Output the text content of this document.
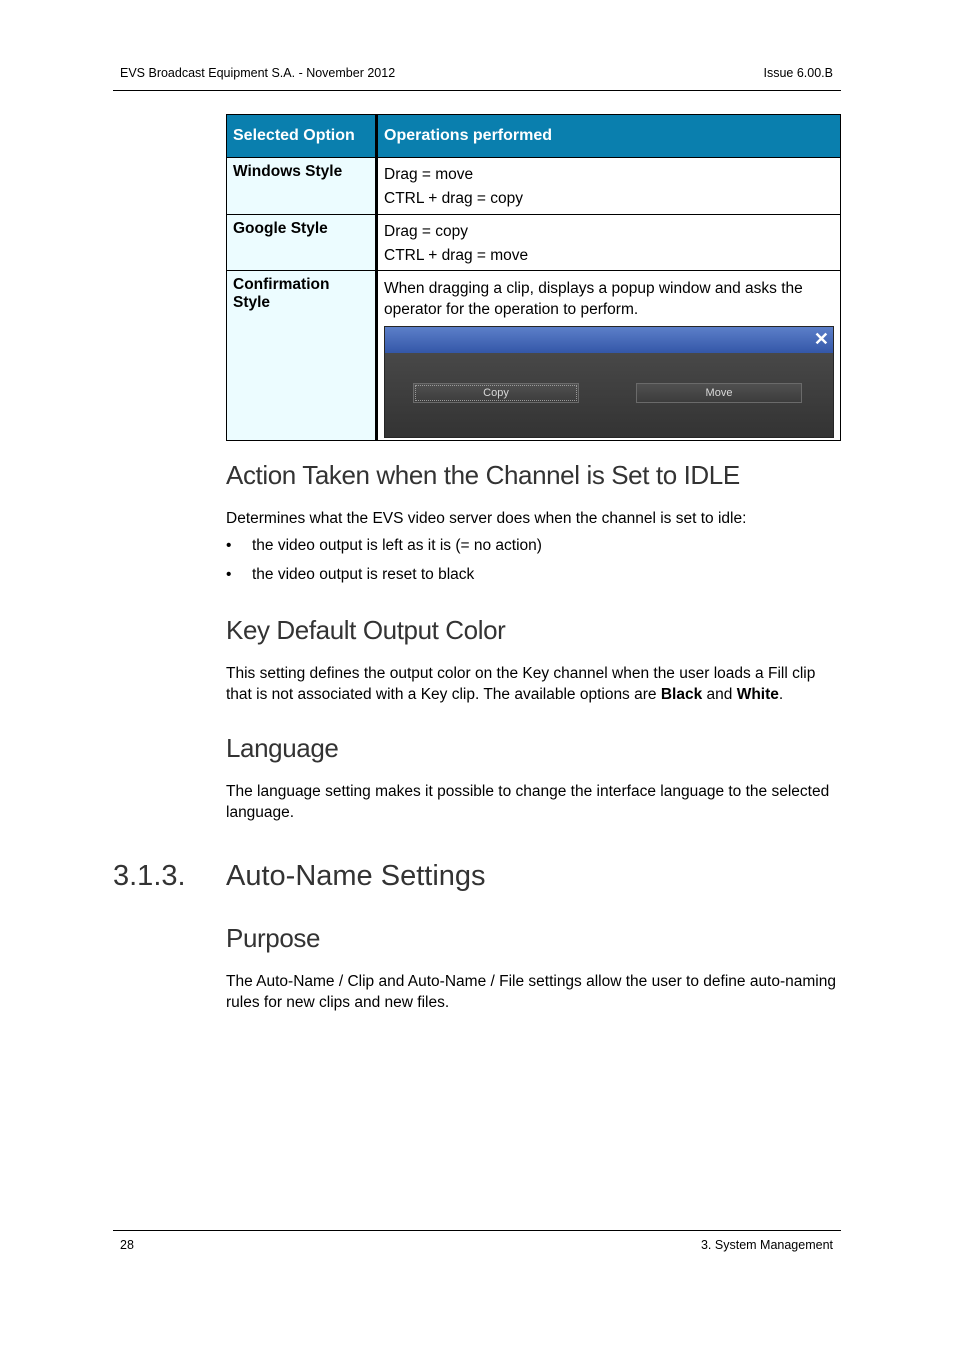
EVS Broadcast Equipment S.A. - November 2012	Issue 6.00.B
Selected Option	Operations performed
Windows Style	Drag = move
CTRL + drag = copy

Google Style	Drag = copy
CTRL + drag = move

Confirmation Style	When dragging a clip, displays a popup window and asks the operator for the operation to perform.
✕
Copy Move
Action Taken when the Channel is Set to IDLE

Determines what the EVS video server does when the channel is set to idle:

• the video output is left as it is (= no action)
• the video output is reset to black
Key Default Output Color

This setting defines the output color on the Key channel when the user loads a Fill clip that is not associated with a Key clip. The available options are Black and White.

Language

The language setting makes it possible to change the interface language to the selected language.

3.1.3. Auto-Name Settings
Purpose

The Auto-Name / Clip and Auto-Name / File settings allow the user to define auto-naming rules for new clips and new files.

28	3. System Management
